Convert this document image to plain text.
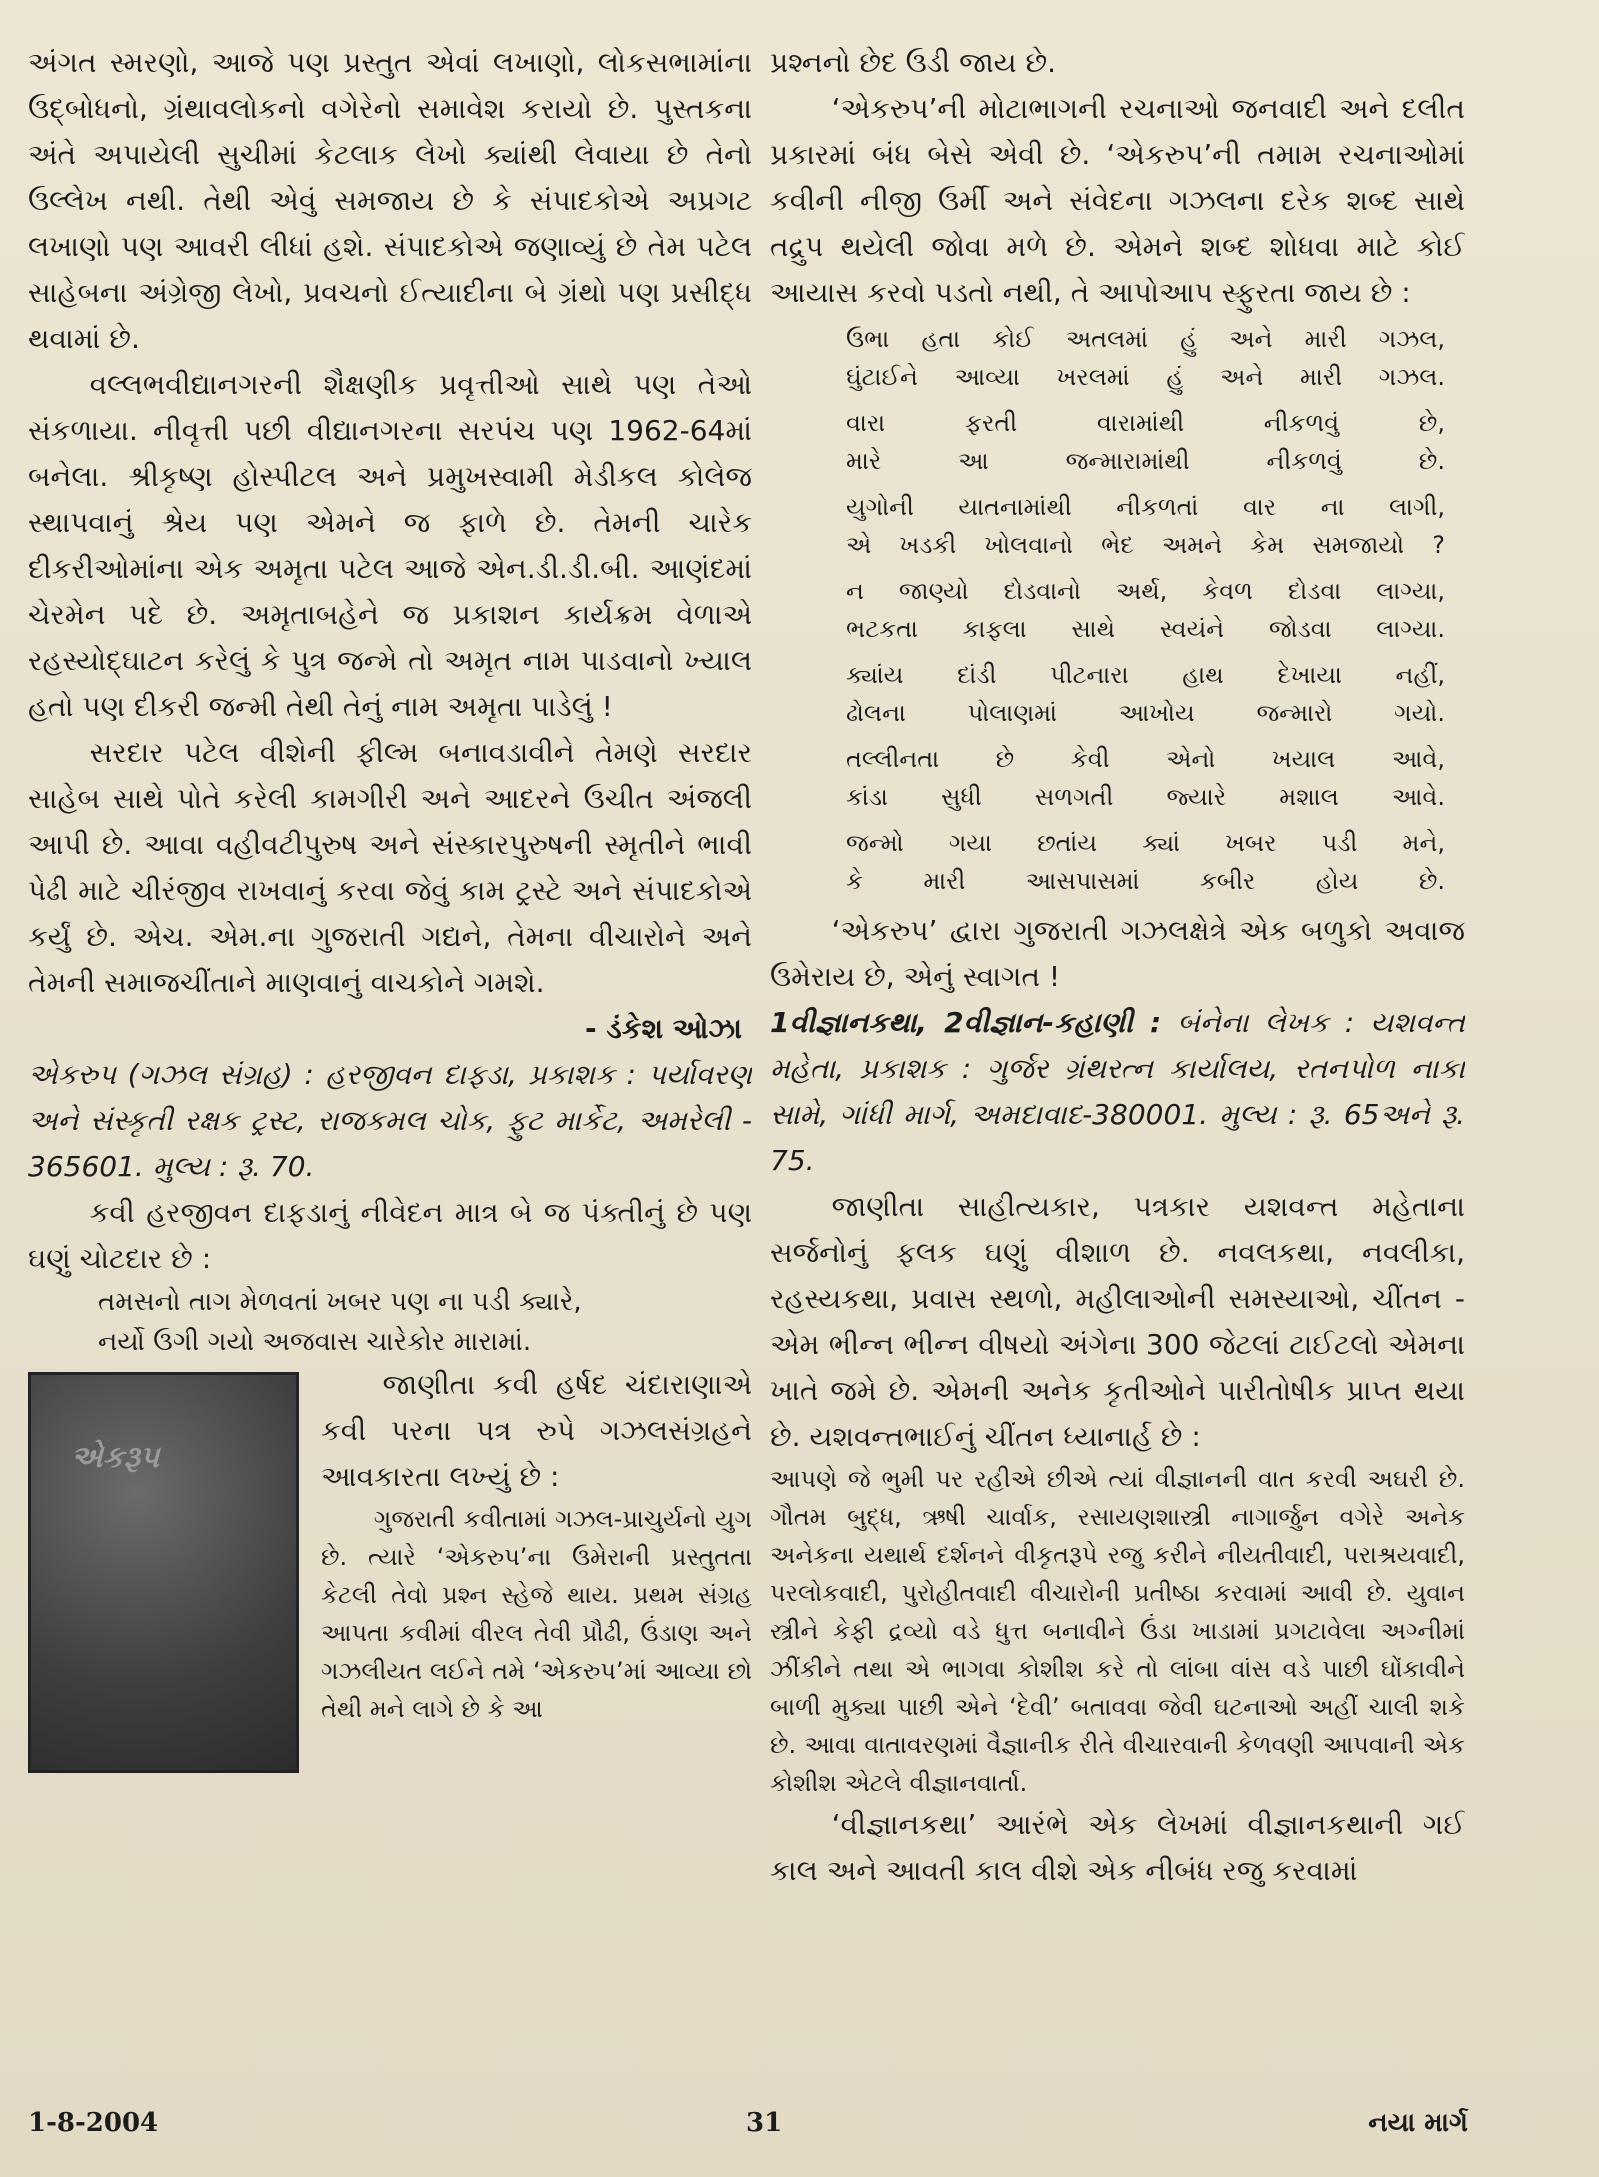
અંગત સ્મરણો, આજે પણ પ્રસ્તુત એવાં લખાણો, લોકસભામાંના ઉદ્બોધનો, ગ્રંથાવલોકનો વગેરેનો સમાવેશ કરાયો છે. પુસ્તકના અંતે અપાયેલી સુચીમાં કેટલાક લેખો ક્યાંથી લેવાયા છે તેનો ઉલ્લેખ નથી. તેથી એવું સમજાય છે કે સંપાદકોએ અપ્રગટ લખાણો પણ આવરી લીધાં હશે. સંપાદકોએ જણાવ્યું છે તેમ પટેલ સાહેબના અંગ્રેજી લેખો, પ્રવચનો ઈત્યાદીના બે ગ્રંથો પણ પ્રસીદ્ધ થવામાં છે.

વલ્લભવીદ્યાનગરની શૈક્ષણીક પ્રવૃત્તીઓ સાથે પણ તેઓ સંકળાયા. નીવૃત્તી પછી વીદ્યાનગરના સરપંચ પણ 1962-64માં બનેલા. શ્રીકૃષ્ણ હોસ્પીટલ અને પ્રમુખસ્વામી મેડીકલ કોલેજ સ્થાપવાનું શ્રેય પણ એમને જ ફાળે છે. તેમની ચારેક દીકરીઓમાંના એક અમૃતા પટેલ આજે એન.ડી.ડી.બી. આણંદમાં ચેરમેન પદે છે. અમૃતાબહેને જ પ્રકાશન કાર્યક્રમ વેળાએ રહસ્યોદ્ઘાટન કરેલું કે પુત્ર જન્મે તો અમૃત નામ પાડવાનો ખ્યાલ હતો પણ દીકરી જન્મી તેથી તેનું નામ અમૃતા પાડેલું !

સરદાર પટેલ વીશેની ફીલ્મ બનાવડાવીને તેમણે સરદાર સાહેબ સાથે પોતે કરેલી કામગીરી અને આદરને ઉચીત અંજલી આપી છે. આવા વહીવટીપુરુષ અને સંસ્કારપુરુષની સ્મૃતીને ભાવી પેઢી માટે ચીરંજીવ રાખવાનું કરવા જેવું કામ ટ્રસ્ટે અને સંપાદકોએ કર્યું છે. એચ. એમ.ના ગુજરાતી ગદ્યને, તેમના વીચારોને અને તેમની સમાજચીંતાને માણવાનું વાચકોને ગમશે.

- ડંકેશ ઓઝા

એકરુપ (ગઝલ સંગ્રહ) : હરજીવન દાફડા, પ્રકાશક : પર્યાવરણ અને સંસ્કૃતી રક્ષક ટ્રસ્ટ, રાજકમલ ચોક, ફુટ માર્કેટ, અમરેલી - 365601. મુલ્ય : રૂ. 70.

કવી હરજીવન દાફડાનું નીવેદન માત્ર બે જ પંક્તીનું છે પણ ઘણું ચોટદાર છે :

તમસનો તાગ મેળવતાં ખબર પણ ના પડી ક્યારે,
નર્યો ઉગી ગયો અજવાસ ચારેકોર મારામાં.
એકરૂપ

જાણીતા કવી હર્ષદ ચંદારાણાએ કવી પરના પત્ર રુપે ગઝલસંગ્રહને આવકારતા લખ્યું છે :

ગુજરાતી કવીતામાં ગઝલ-પ્રાચુર્યનો યુગ છે. ત્યારે ‘એકરુપ’ના ઉમેરાની પ્રસ્તુતતા કેટલી તેવો પ્રશ્ન સ્હેજે થાય. પ્રથમ સંગ્રહ આપતા કવીમાં વીરલ તેવી પ્રૌઢી, ઉંડાણ અને ગઝલીયત લઈને તમે ‘એકરુપ’માં આવ્યા છો તેથી મને લાગે છે કે આ

પ્રશ્નનો છેદ ઉડી જાય છે.

‘એકરુપ’ની મોટાભાગની રચનાઓ જનવાદી અને દલીત પ્રકારમાં બંધ બેસે એવી છે. ‘એકરુપ’ની તમામ રચનાઓમાં કવીની નીજી ઉર્મી અને સંવેદના ગઝલના દરેક શબ્દ સાથે તદ્રુપ થયેલી જોવા મળે છે. એમને શબ્દ શોધવા માટે કોઈ આયાસ કરવો પડતો નથી, તે આપોઆપ સ્ફુરતા જાય છે :

ઉભા હતા કોઈ અતલમાં હું અને મારી ગઝલ,
ઘુંટાઈને આવ્યા ખરલમાં હું અને મારી ગઝલ.
વારા ફરતી વારામાંથી નીકળવું છે,
મારે આ જન્મારામાંથી નીકળવું છે.
યુગોની યાતનામાંથી નીકળતાં વાર ના લાગી,
એ ખડકી ખોલવાનો ભેદ અમને કેમ સમજાયો ?
ન જાણ્યો દોડવાનો અર્થ, કેવળ દોડવા લાગ્યા,
ભટકતા કાફલા સાથે સ્વયંને જોડવા લાગ્યા.
ક્યાંય દાંડી પીટનારા હાથ દેખાયા નહીં,
ઢોલના પોલાણમાં આખોય જન્મારો ગયો.
તલ્લીનતા છે કેવી એનો ખયાલ આવે,
કાંડા સુધી સળગતી જ્યારે મશાલ આવે.
જન્મો ગયા છતાંય ક્યાં ખબર પડી મને,
કે મારી આસપાસમાં કબીર હોય છે.

‘એકરુપ’ દ્વારા ગુજરાતી ગઝલક્ષેત્રે એક બળુકો અવાજ ઉમેરાય છે, એનું સ્વાગત !

1વીજ્ઞાનકથા, 2વીજ્ઞાન-કહાણી : બંનેના લેખક : યશવન્ત મહેતા, પ્રકાશક : ગુર્જર ગ્રંથરત્ન કાર્યાલય, રતનપોળ નાકા સામે, ગાંધી માર્ગ, અમદાવાદ-380001. મુલ્ય : રૂ. 65અને રૂ. 75.

જાણીતા સાહીત્યકાર, પત્રકાર યશવન્ત મહેતાના સર્જનોનું ફલક ઘણું વીશાળ છે. નવલકથા, નવલીકા, રહસ્યકથા, પ્રવાસ સ્થળો, મહીલાઓની સમસ્યાઓ, ચીંતન - એમ ભીન્ન ભીન્ન વીષયો અંગેના 300 જેટલાં ટાઈટલો એમના ખાતે જમે છે. એમની અનેક કૃતીઓને પારીતોષીક પ્રાપ્ત થયા છે. યશવન્તભાઈનું ચીંતન ધ્યાનાર્હ છે :

આપણે જે ભુમી પર રહીએ છીએ ત્યાં વીજ્ઞાનની વાત કરવી અઘરી છે. ગૌતમ બુદ્ધ, ઋષી ચાર્વાક, રસાયણશાસ્ત્રી નાગાર્જુન વગેરે અનેક અનેકના યથાર્થ દર્શનને વીકૃતરૂપે રજુ કરીને નીયતીવાદી, પરાશ્રયવાદી, પરલોકવાદી, પુરોહીતવાદી વીચારોની પ્રતીષ્ઠા કરવામાં આવી છે. યુવાન સ્ત્રીને કેફી દ્રવ્યો વડે ધુત્ત બનાવીને ઉંડા ખાડામાં પ્રગટાવેલા અગ્નીમાં ઝીંકીને તથા એ ભાગવા કોશીશ કરે તો લાંબા વાંસ વડે પાછી ઘોંકાવીને બાળી મુક્યા પાછી એને ‘દેવી’ બતાવવા જેવી ઘટનાઓ અહીં ચાલી શકે છે. આવા વાતાવરણમાં વૈજ્ઞાનીક રીતે વીચારવાની કેળવણી આપવાની એક કોશીશ એટલે વીજ્ઞાનવાર્તા.

‘વીજ્ઞાનકથા’ આરંભે એક લેખમાં વીજ્ઞાનકથાની ગઈ કાલ અને આવતી કાલ વીશે એક નીબંધ રજુ કરવામાં

1-8-2004	31	નયા માર્ગ
